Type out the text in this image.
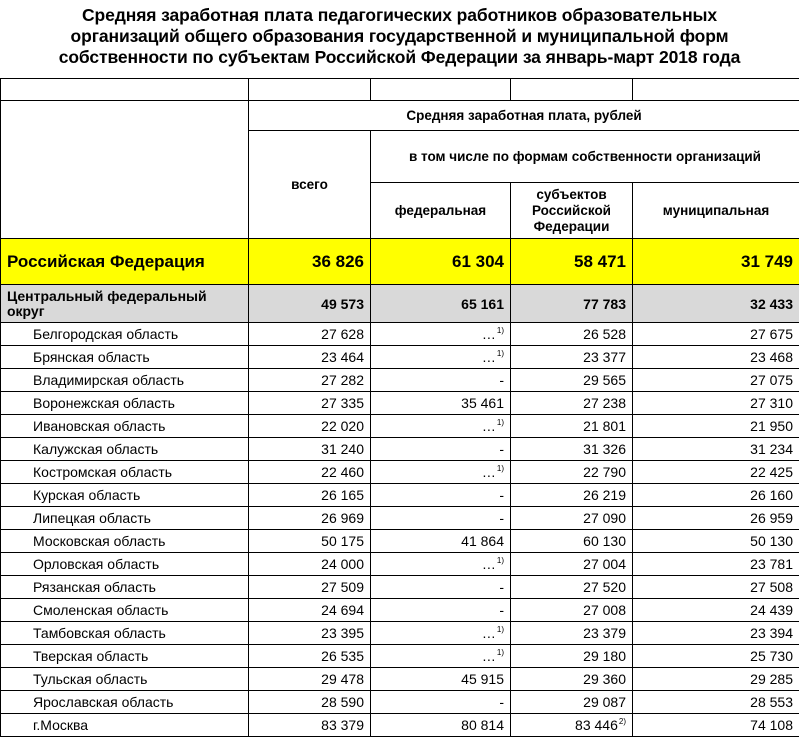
Средняя заработная плата педагогических работников образовательных
организаций общего образования государственной и муниципальной форм
собственности по субъектам Российской Федерации за январь-март 2018 года

	Средняя заработная плата, рублей			
	всего	в том числе по формам собственности организаций		
		федеральная	субъектов Российской Федерации	муниципальная
Российская Федерация	36 826	61 304	58 471	31 749
Центральный федеральный округ	49 573	65 161	77 783	32 433
Белгородская область	27 628	…$^{1)}$	26 528	27 675
Брянская область	23 464	…$^{1)}$	23 377	23 468
Владимирская область	27 282	-	29 565	27 075
Воронежская область	27 335	35 461	27 238	27 310
Ивановская область	22 020	…$^{1)}$	21 801	21 950
Калужская область	31 240	-	31 326	31 234
Костромская область	22 460	…$^{1)}$	22 790	22 425
Курская область	26 165	-	26 219	26 160
Липецкая область	26 969	-	27 090	26 959
Московская область	50 175	41 864	60 130	50 130
Орловская область	24 000	…$^{1)}$	27 004	23 781
Рязанская область	27 509	-	27 520	27 508
Смоленская область	24 694	-	27 008	24 439
Тамбовская область	23 395	…$^{1)}$	23 379	23 394
Тверская область	26 535	…$^{1)}$	29 180	25 730
Тульская область	29 478	45 915	29 360	29 285
Ярославская область	28 590	-	29 087	28 553
г.Москва	83 379	80 814	83 446$^{2)}$	74 108
